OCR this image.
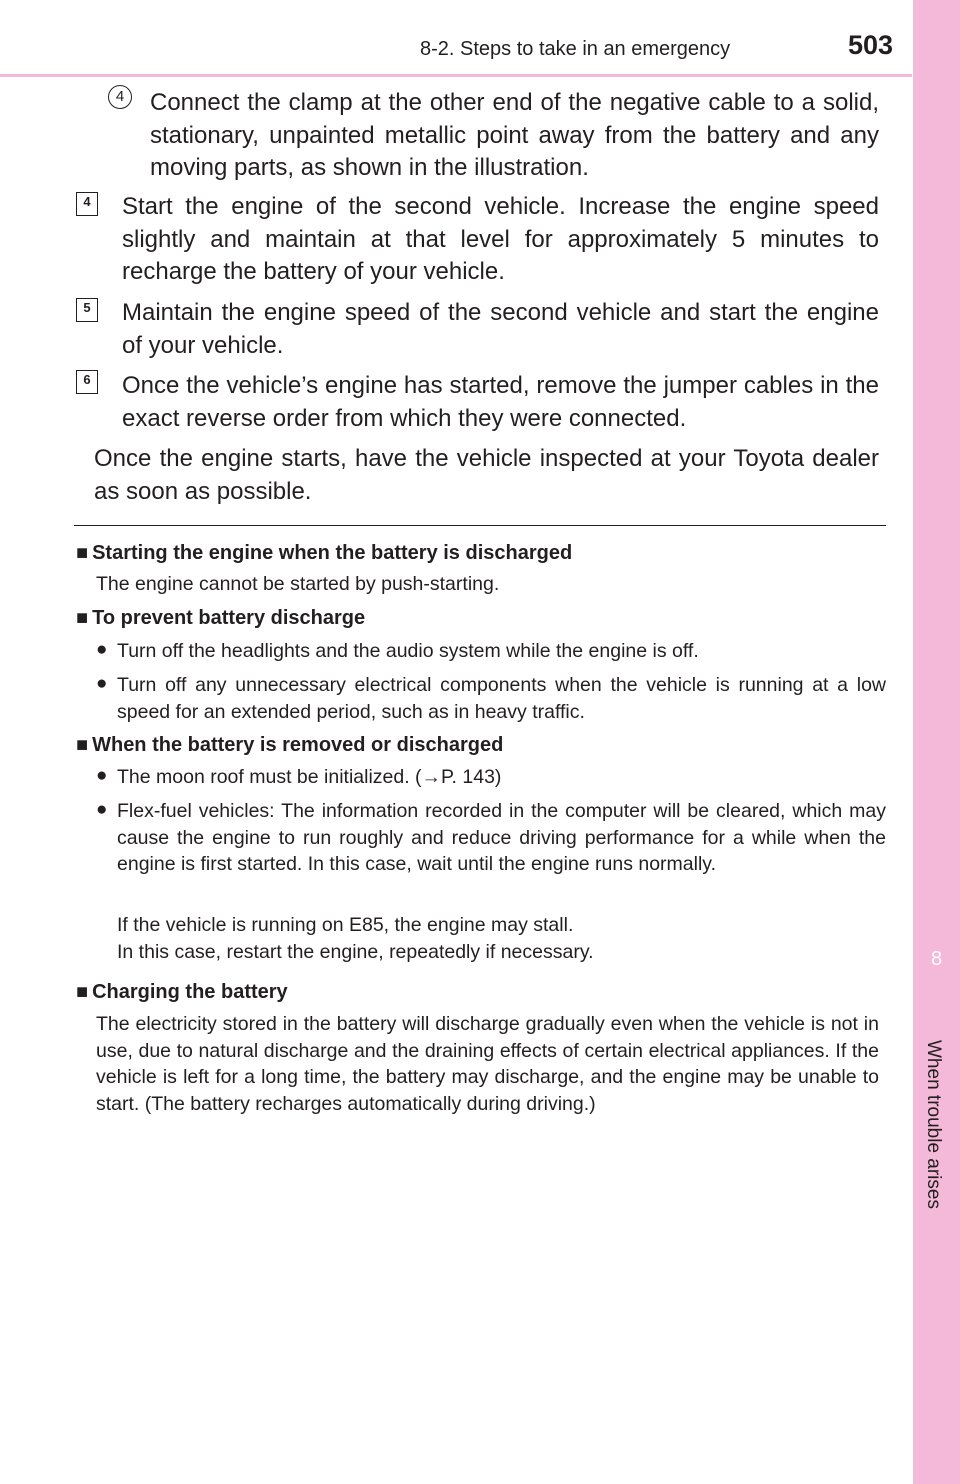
8-2. Steps to take in an emergency	503
8
When trouble arises
4	Connect the clamp at the other end of the negative cable to a solid, stationary, unpainted metallic point away from the battery and any moving parts, as shown in the illustration.
4	Start the engine of the second vehicle. Increase the engine speed slightly and maintain at that level for approximately 5 minutes to recharge the battery of your vehicle.
5	Maintain the engine speed of the second vehicle and start the engine of your vehicle.
6	Once the vehicle’s engine has started, remove the jumper cables in the exact reverse order from which they were connected.
Once the engine starts, have the vehicle inspected at your Toyota dealer as soon as possible.
■ Starting the engine when the battery is discharged
The engine cannot be started by push-starting.
■ To prevent battery discharge
● Turn off the headlights and the audio system while the engine is off.
● Turn off any unnecessary electrical components when the vehicle is running at a low speed for an extended period, such as in heavy traffic.
■ When the battery is removed or discharged
● The moon roof must be initialized. (→P. 143)
● Flex-fuel vehicles: The information recorded in the computer will be cleared, which may cause the engine to run roughly and reduce driving performance for a while when the engine is first started. In this case, wait until the engine runs normally.
If the vehicle is running on E85, the engine may stall.
In this case, restart the engine, repeatedly if necessary.
■ Charging the battery
The electricity stored in the battery will discharge gradually even when the vehicle is not in use, due to natural discharge and the draining effects of certain electrical appliances. If the vehicle is left for a long time, the battery may discharge, and the engine may be unable to start. (The battery recharges automatically during driving.)
